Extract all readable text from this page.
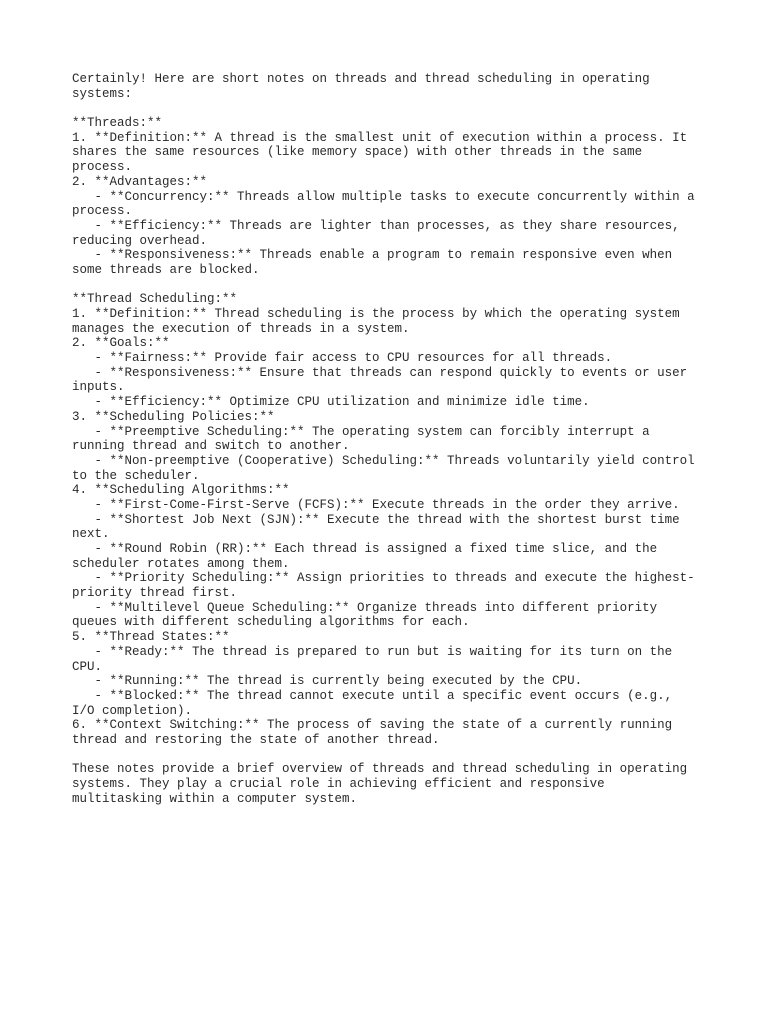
Certainly! Here are short notes on threads and thread scheduling in operating
systems:
**Threads:**
1. **Definition:** A thread is the smallest unit of execution within a process. It
shares the same resources (like memory space) with other threads in the same
process.
2. **Advantages:**
- **Concurrency:** Threads allow multiple tasks to execute concurrently within a
process.
- **Efficiency:** Threads are lighter than processes, as they share resources,
reducing overhead.
- **Responsiveness:** Threads enable a program to remain responsive even when
some threads are blocked.
**Thread Scheduling:**
1. **Definition:** Thread scheduling is the process by which the operating system
manages the execution of threads in a system.
2. **Goals:**
- **Fairness:** Provide fair access to CPU resources for all threads.
- **Responsiveness:** Ensure that threads can respond quickly to events or user
inputs.
- **Efficiency:** Optimize CPU utilization and minimize idle time.
3. **Scheduling Policies:**
- **Preemptive Scheduling:** The operating system can forcibly interrupt a
running thread and switch to another.
- **Non-preemptive (Cooperative) Scheduling:** Threads voluntarily yield control
to the scheduler.
4. **Scheduling Algorithms:**
- **First-Come-First-Serve (FCFS):** Execute threads in the order they arrive.
- **Shortest Job Next (SJN):** Execute the thread with the shortest burst time
next.
- **Round Robin (RR):** Each thread is assigned a fixed time slice, and the
scheduler rotates among them.
- **Priority Scheduling:** Assign priorities to threads and execute the highest-
priority thread first.
- **Multilevel Queue Scheduling:** Organize threads into different priority
queues with different scheduling algorithms for each.
5. **Thread States:**
- **Ready:** The thread is prepared to run but is waiting for its turn on the
CPU.
- **Running:** The thread is currently being executed by the CPU.
- **Blocked:** The thread cannot execute until a specific event occurs (e.g.,
I/O completion).
6. **Context Switching:** The process of saving the state of a currently running
thread and restoring the state of another thread.
These notes provide a brief overview of threads and thread scheduling in operating
systems. They play a crucial role in achieving efficient and responsive
multitasking within a computer system.
